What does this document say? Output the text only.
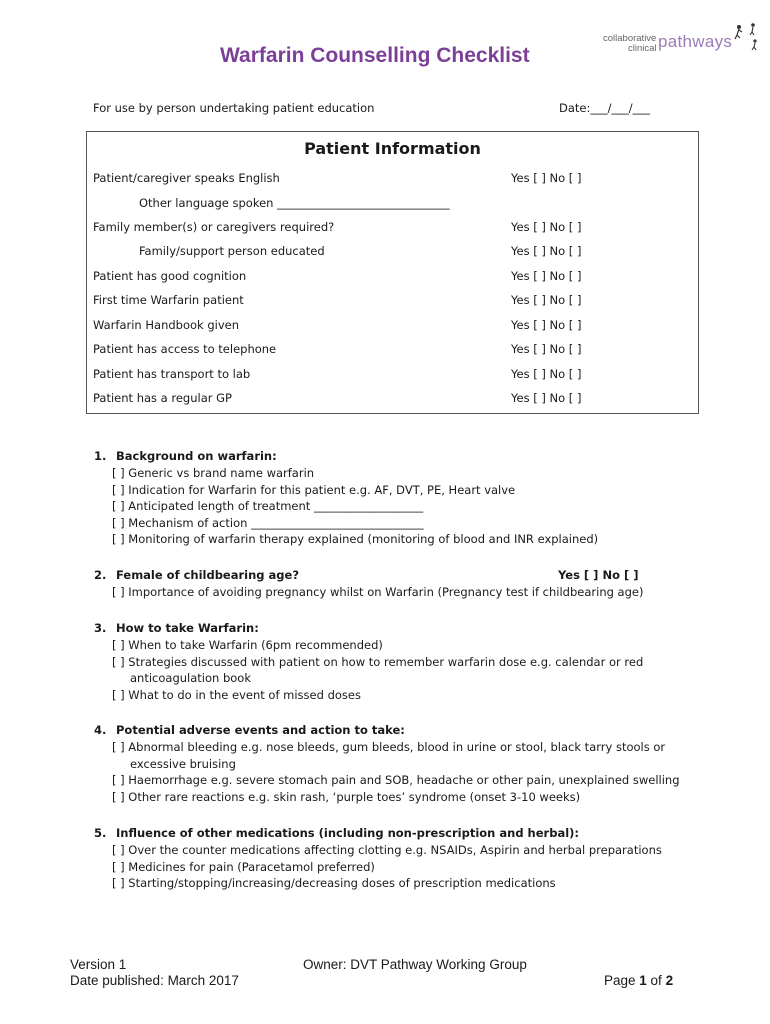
Warfarin Counselling Checklist
collaborative
clinical pathways
For use by person undertaking patient education	Date:___/___/___
Patient Information
Patient/caregiver speaks English	Yes [ ] No [ ]
Other language spoken ______________________________
Family member(s) or caregivers required?	Yes [ ] No [ ]
Family/support person educated	Yes [ ] No [ ]
Patient has good cognition	Yes [ ] No [ ]
First time Warfarin patient	Yes [ ] No [ ]
Warfarin Handbook given	Yes [ ] No [ ]
Patient has access to telephone	Yes [ ] No [ ]
Patient has transport to lab	Yes [ ] No [ ]
Patient has a regular GP	Yes [ ] No [ ]
1. Background on warfarin:
[ ] Generic vs brand name warfarin
[ ] Indication for Warfarin for this patient e.g. AF, DVT, PE, Heart valve
[ ] Anticipated length of treatment ___________________
[ ] Mechanism of action ______________________________
[ ] Monitoring of warfarin therapy explained (monitoring of blood and INR explained)
2. Female of childbearing age?	Yes [ ] No [ ]
[ ] Importance of avoiding pregnancy whilst on Warfarin (Pregnancy test if childbearing age)
3. How to take Warfarin:
[ ] When to take Warfarin (6pm recommended)
[ ] Strategies discussed with patient on how to remember warfarin dose e.g. calendar or red anticoagulation book
[ ] What to do in the event of missed doses
4. Potential adverse events and action to take:
[ ] Abnormal bleeding e.g. nose bleeds, gum bleeds, blood in urine or stool, black tarry stools or excessive bruising
[ ] Haemorrhage e.g. severe stomach pain and SOB, headache or other pain, unexplained swelling
[ ] Other rare reactions e.g. skin rash, ‘purple toes’ syndrome (onset 3-10 weeks)
5. Influence of other medications (including non-prescription and herbal):
[ ] Over the counter medications affecting clotting e.g. NSAIDs, Aspirin and herbal preparations
[ ] Medicines for pain (Paracetamol preferred)
[ ] Starting/stopping/increasing/decreasing doses of prescription medications
Version 1
Date published: March 2017
Owner: DVT Pathway Working Group
Page 1 of 2
